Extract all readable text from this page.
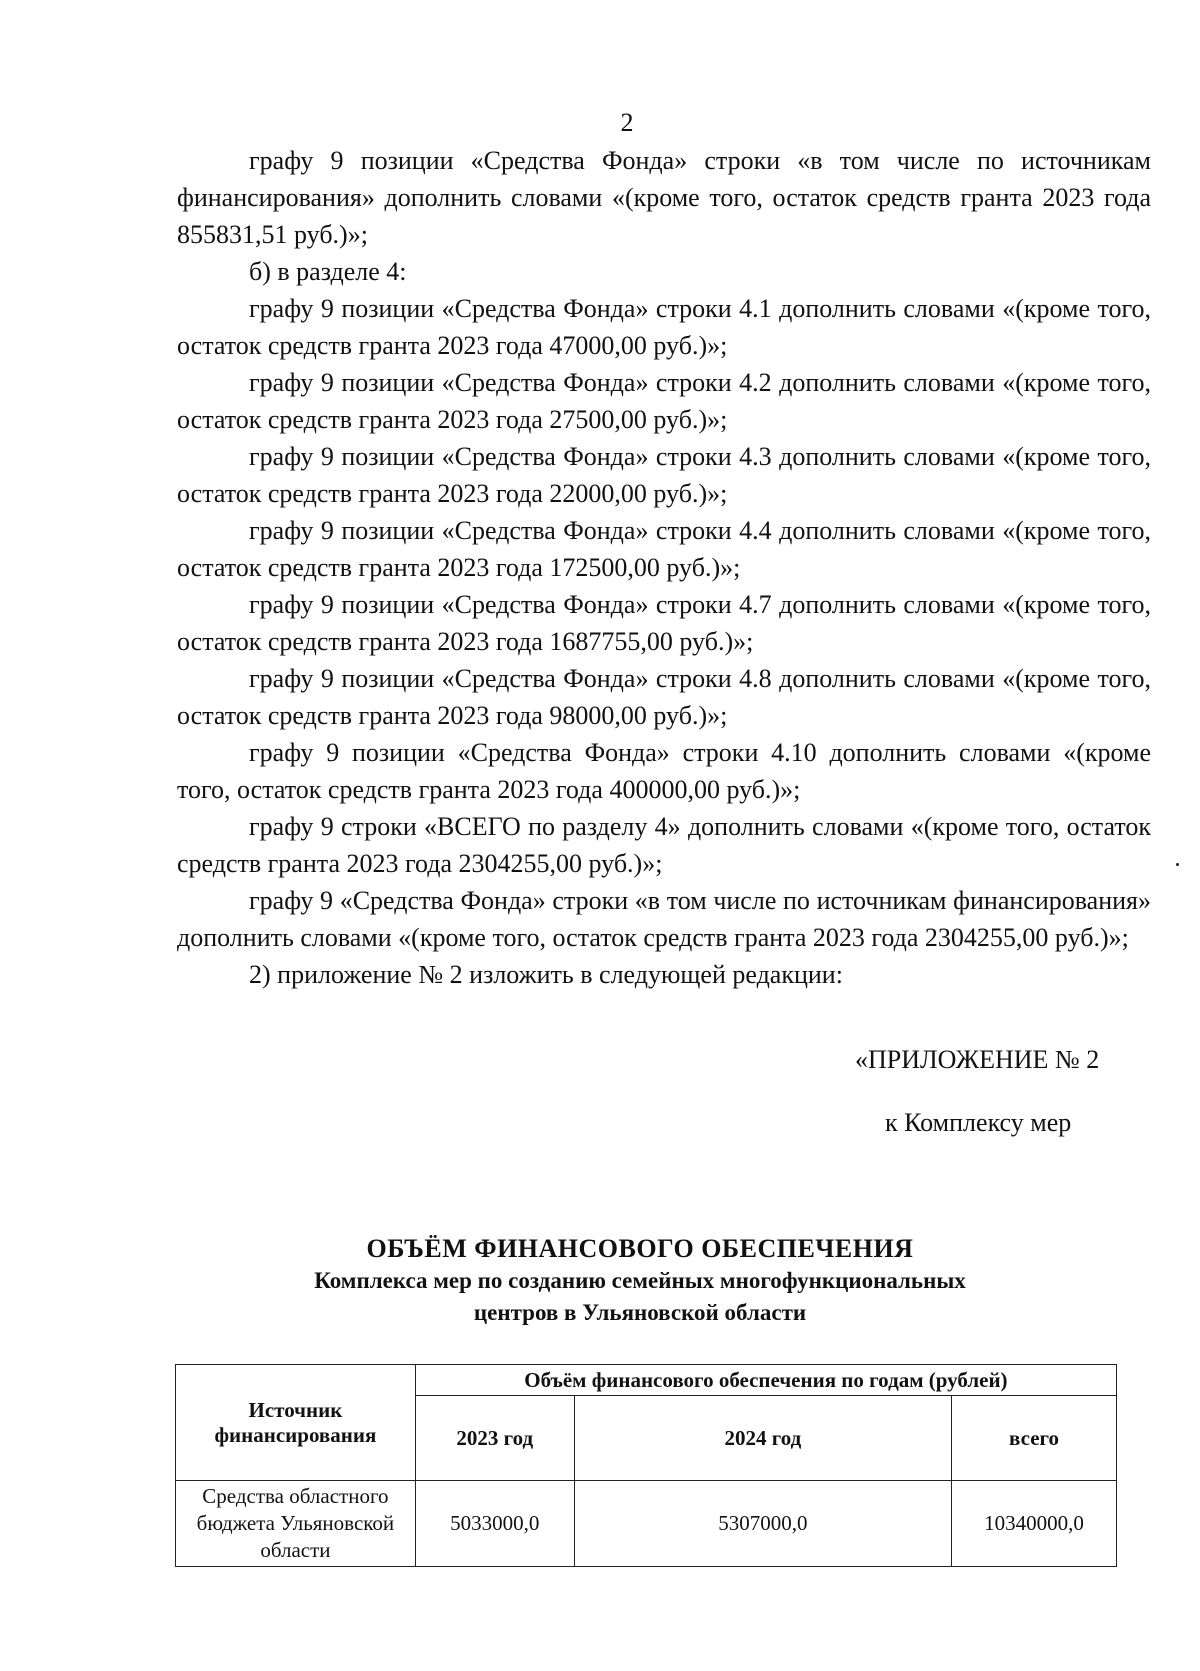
2

графу 9 позиции «Средства Фонда» строки «в том числе по источникам финансирования» дополнить словами «(кроме того, остаток средств гранта 2023 года 855831,51 руб.)»;

б) в разделе 4:

графу 9 позиции «Средства Фонда» строки 4.1 дополнить словами «(кроме того, остаток средств гранта 2023 года 47000,00 руб.)»;

графу 9 позиции «Средства Фонда» строки 4.2 дополнить словами «(кроме того, остаток средств гранта 2023 года 27500,00 руб.)»;

графу 9 позиции «Средства Фонда» строки 4.3 дополнить словами «(кроме того, остаток средств гранта 2023 года 22000,00 руб.)»;

графу 9 позиции «Средства Фонда» строки 4.4 дополнить словами «(кроме того, остаток средств гранта 2023 года 172500,00 руб.)»;

графу 9 позиции «Средства Фонда» строки 4.7 дополнить словами «(кроме того, остаток средств гранта 2023 года 1687755,00 руб.)»;

графу 9 позиции «Средства Фонда» строки 4.8 дополнить словами «(кроме того, остаток средств гранта 2023 года 98000,00 руб.)»;

графу 9 позиции «Средства Фонда» строки 4.10 дополнить словами «(кроме того, остаток средств гранта 2023 года 400000,00 руб.)»;

графу 9 строки «ВСЕГО по разделу 4» дополнить словами «(кроме того, остаток средств гранта 2023 года 2304255,00 руб.)»;

графу 9 «Средства Фонда» строки «в том числе по источникам финансирования» дополнить словами «(кроме того, остаток средств гранта 2023 года 2304255,00 руб.)»;

2) приложение № 2 изложить в следующей редакции:

«ПРИЛОЖЕНИЕ № 2
к Комплексу мер
ОБЪЁМ ФИНАНСОВОГО ОБЕСПЕЧЕНИЯ
Комплекса мер по созданию семейных многофункциональных
центров в Ульяновской области
Источник финансирования	Объём финансового обеспечения по годам (рублей)		
	2023 год	2024 год	всего
Средства областного бюджета Ульяновской области	5033000,0	5307000,0	10340000,0
